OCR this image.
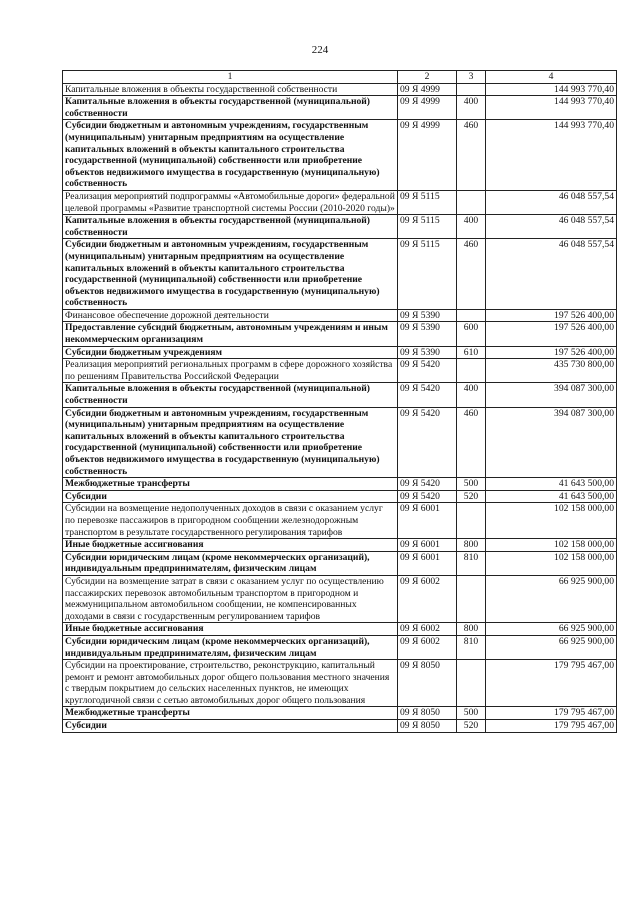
224
1	2	3	4
Капитальные вложения в объекты государственной собственности	09 Я 4999		144 993 770,40
Капитальные вложения в объекты государственной (муниципальной) собственности	09 Я 4999	400	144 993 770,40
Субсидии бюджетным и автономным учреждениям, государственным (муниципальным) унитарным предприятиям на осуществление капитальных вложений в объекты капитального строительства государственной (муниципальной) собственности или приобретение объектов недвижимого имущества в государственную (муниципальную) собственность	09 Я 4999	460	144 993 770,40
Реализация мероприятий подпрограммы «Автомобильные дороги» федеральной целевой программы «Развитие транспортной системы России (2010-2020 годы)»	09 Я 5115		46 048 557,54
Капитальные вложения в объекты государственной (муниципальной) собственности	09 Я 5115	400	46 048 557,54
Субсидии бюджетным и автономным учреждениям, государственным (муниципальным) унитарным предприятиям на осуществление капитальных вложений в объекты капитального строительства государственной (муниципальной) собственности или приобретение объектов недвижимого имущества в государственную (муниципальную) собственность	09 Я 5115	460	46 048 557,54
Финансовое обеспечение дорожной деятельности	09 Я 5390		197 526 400,00
Предоставление субсидий бюджетным, автономным учреждениям и иным некоммерческим организациям	09 Я 5390	600	197 526 400,00
Субсидии бюджетным учреждениям	09 Я 5390	610	197 526 400,00
Реализация мероприятий региональных программ в сфере дорожного хозяйства по решениям Правительства Российской Федерации	09 Я 5420		435 730 800,00
Капитальные вложения в объекты государственной (муниципальной) собственности	09 Я 5420	400	394 087 300,00
Субсидии бюджетным и автономным учреждениям, государственным (муниципальным) унитарным предприятиям на осуществление капитальных вложений в объекты капитального строительства государственной (муниципальной) собственности или приобретение объектов недвижимого имущества в государственную (муниципальную) собственность	09 Я 5420	460	394 087 300,00
Межбюджетные трансферты	09 Я 5420	500	41 643 500,00
Субсидии	09 Я 5420	520	41 643 500,00
Субсидии на возмещение недополученных доходов в связи с оказанием услуг по перевозке пассажиров в пригородном сообщении железнодорожным транспортом в результате государственного регулирования тарифов	09 Я 6001		102 158 000,00
Иные бюджетные ассигнования	09 Я 6001	800	102 158 000,00
Субсидии юридическим лицам (кроме некоммерческих организаций), индивидуальным предпринимателям, физическим лицам	09 Я 6001	810	102 158 000,00
Субсидии на возмещение затрат в связи с оказанием услуг по осуществлению пассажирских перевозок автомобильным транспортом в пригородном и межмуниципальном автомобильном сообщении, не компенсированных доходами в связи с государственным регулированием тарифов	09 Я 6002		66 925 900,00
Иные бюджетные ассигнования	09 Я 6002	800	66 925 900,00
Субсидии юридическим лицам (кроме некоммерческих организаций), индивидуальным предпринимателям, физическим лицам	09 Я 6002	810	66 925 900,00
Субсидии на проектирование, строительство, реконструкцию, капитальный ремонт и ремонт автомобильных дорог общего пользования местного значения с твердым покрытием до сельских населенных пунктов, не имеющих круглогодичной связи с сетью автомобильных дорог общего пользования	09 Я 8050		179 795 467,00
Межбюджетные трансферты	09 Я 8050	500	179 795 467,00
Субсидии	09 Я 8050	520	179 795 467,00
